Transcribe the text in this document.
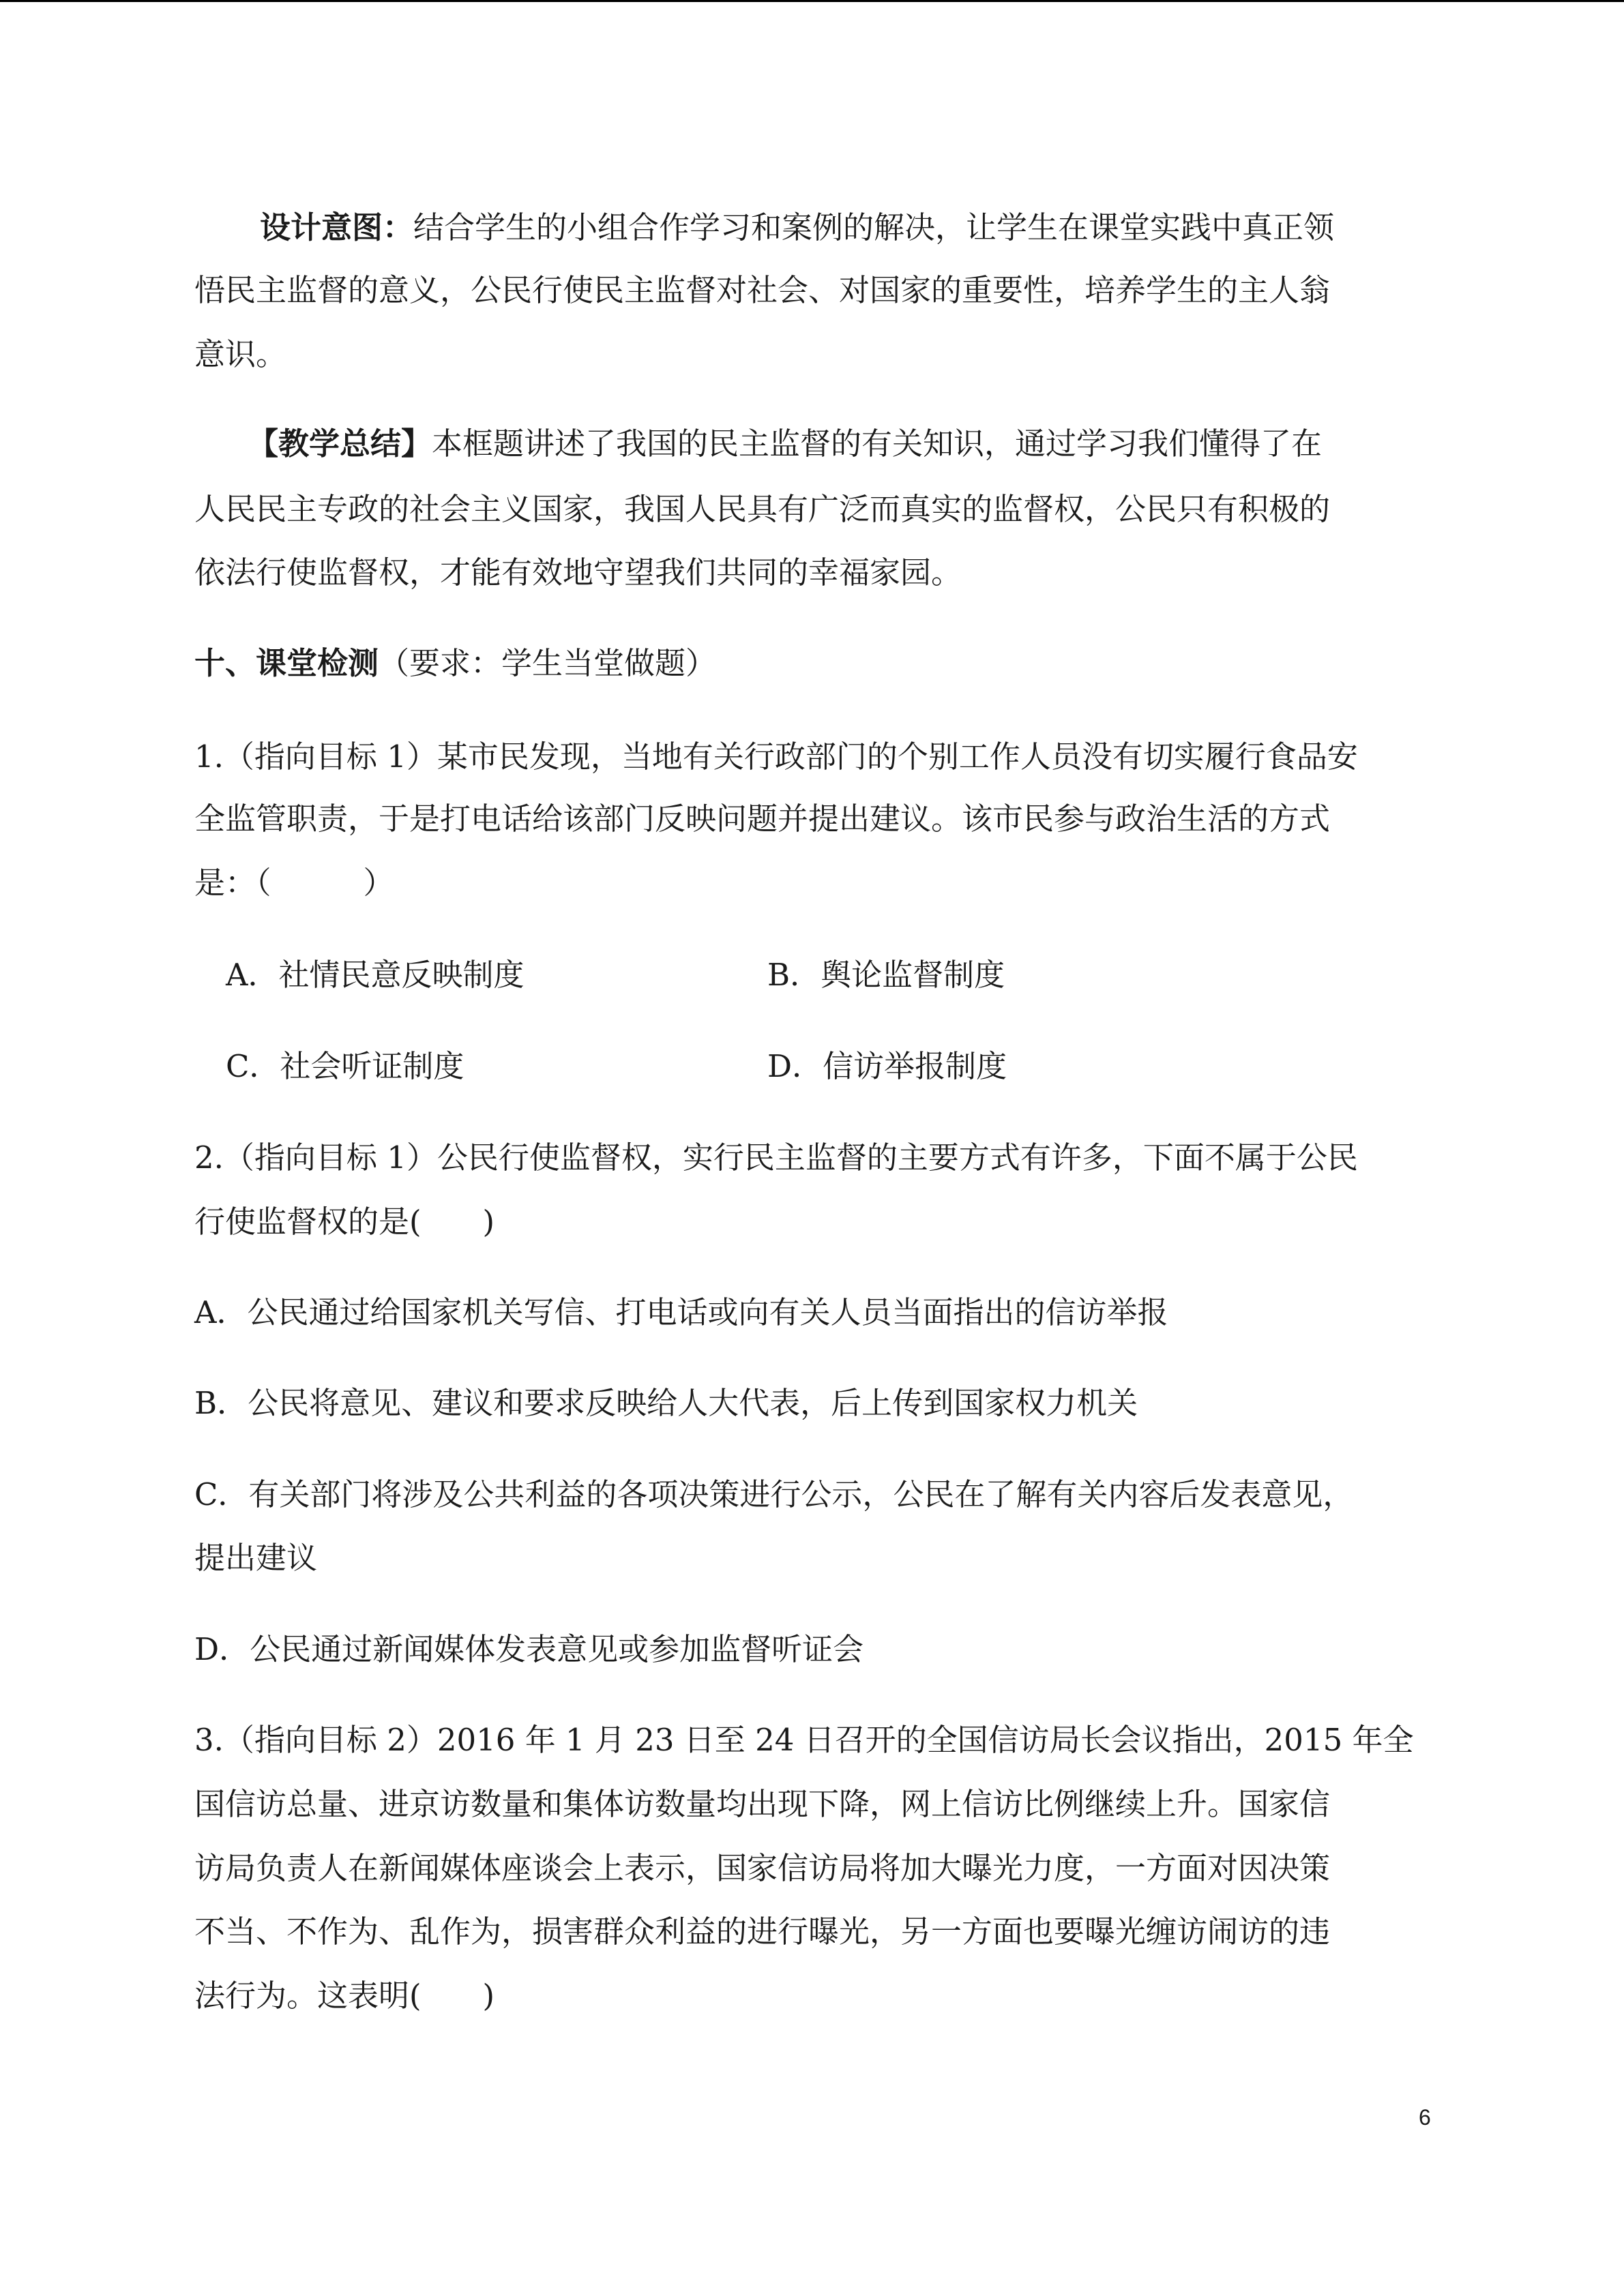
设计意图：结合学生的小组合作学习和案例的解决，让学生在课堂实践中真正领
悟民主监督的意义，公民行使民主监督对社会、对国家的重要性，培养学生的主人翁
意识。
【教学总结】本框题讲述了我国的民主监督的有关知识，通过学习我们懂得了在
人民民主专政的社会主义国家，我国人民具有广泛而真实的监督权，公民只有积极的
依法行使监督权，才能有效地守望我们共同的幸福家园。
十、课堂检测（要求：学生当堂做题）
1.（指向目标 1）某市民发现，当地有关行政部门的个别工作人员没有切实履行食品安
全监管职责，于是打电话给该部门反映问题并提出建议。该市民参与政治生活的方式
是：（　　　）
A．社情民意反映制度	B．舆论监督制度
C．社会听证制度	D．信访举报制度
2.（指向目标 1）公民行使监督权，实行民主监督的主要方式有许多，下面不属于公民
行使监督权的是(　　)
A．公民通过给国家机关写信、打电话或向有关人员当面指出的信访举报
B．公民将意见、建议和要求反映给人大代表，后上传到国家权力机关
C．有关部门将涉及公共利益的各项决策进行公示，公民在了解有关内容后发表意见，
提出建议
D．公民通过新闻媒体发表意见或参加监督听证会
3.（指向目标 2）2016 年 1 月 23 日至 24 日召开的全国信访局长会议指出，2015 年全
国信访总量、进京访数量和集体访数量均出现下降，网上信访比例继续上升。国家信
访局负责人在新闻媒体座谈会上表示，国家信访局将加大曝光力度，一方面对因决策
不当、不作为、乱作为，损害群众利益的进行曝光，另一方面也要曝光缠访闹访的违
法行为。这表明(　　)
6
